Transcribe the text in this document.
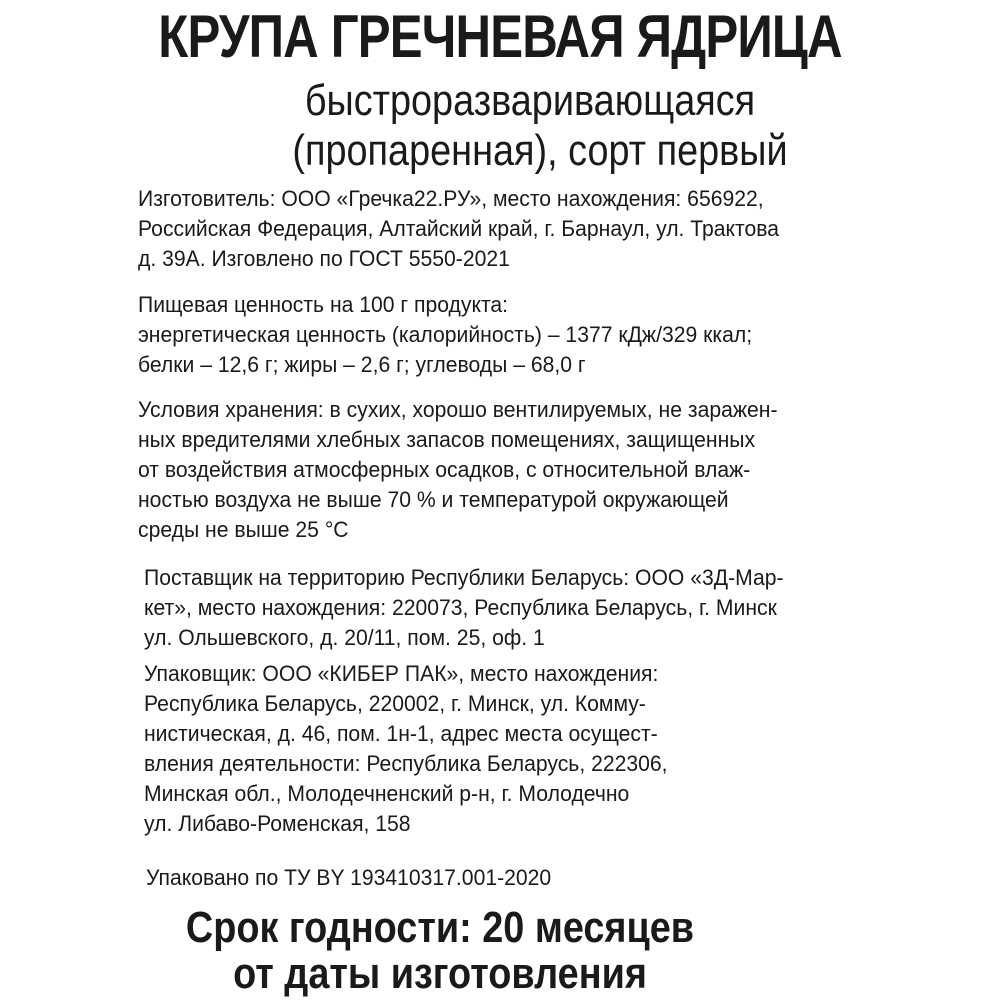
КРУПА ГРЕЧНЕВАЯ ЯДРИЦА
быстроразваривающаяся
(пропаренная), сорт первый
Изготовитель: ООО «Гречка22.РУ», место нахождения: 656922,
Российская Федерация, Алтайский край, г. Барнаул, ул. Трактова
д. 39А. Изговлено по ГОСТ 5550-2021
Пищевая ценность на 100 г продукта:
энергетическая ценность (калорийность) – 1377 кДж/329 ккал;
белки – 12,6 г; жиры – 2,6 г; углеводы – 68,0 г
Условия хранения: в сухих, хорошо вентилируемых, не заражен-
ных вредителями хлебных запасов помещениях, защищенных
от воздействия атмосферных осадков, с относительной влаж-
ностью воздуха не выше 70 % и температурой окружающей
среды не выше 25 °С
Поставщик на территорию Республики Беларусь: ООО «3Д-Мар-
кет», место нахождения: 220073, Республика Беларусь, г. Минск
ул. Ольшевского, д. 20/11, пом. 25, оф. 1
Упаковщик: ООО «КИБЕР ПАК», место нахождения:
Республика Беларусь, 220002, г. Минск, ул. Комму-
нистическая, д. 46, пом. 1н-1, адрес места осущест-
вления деятельности: Республика Беларусь, 222306,
Минская обл., Молодечненский р-н, г. Молодечно
ул. Либаво-Роменская, 158
Упаковано по ТУ BY 193410317.001-2020
Срок годности: 20 месяцев
от даты изготовления
